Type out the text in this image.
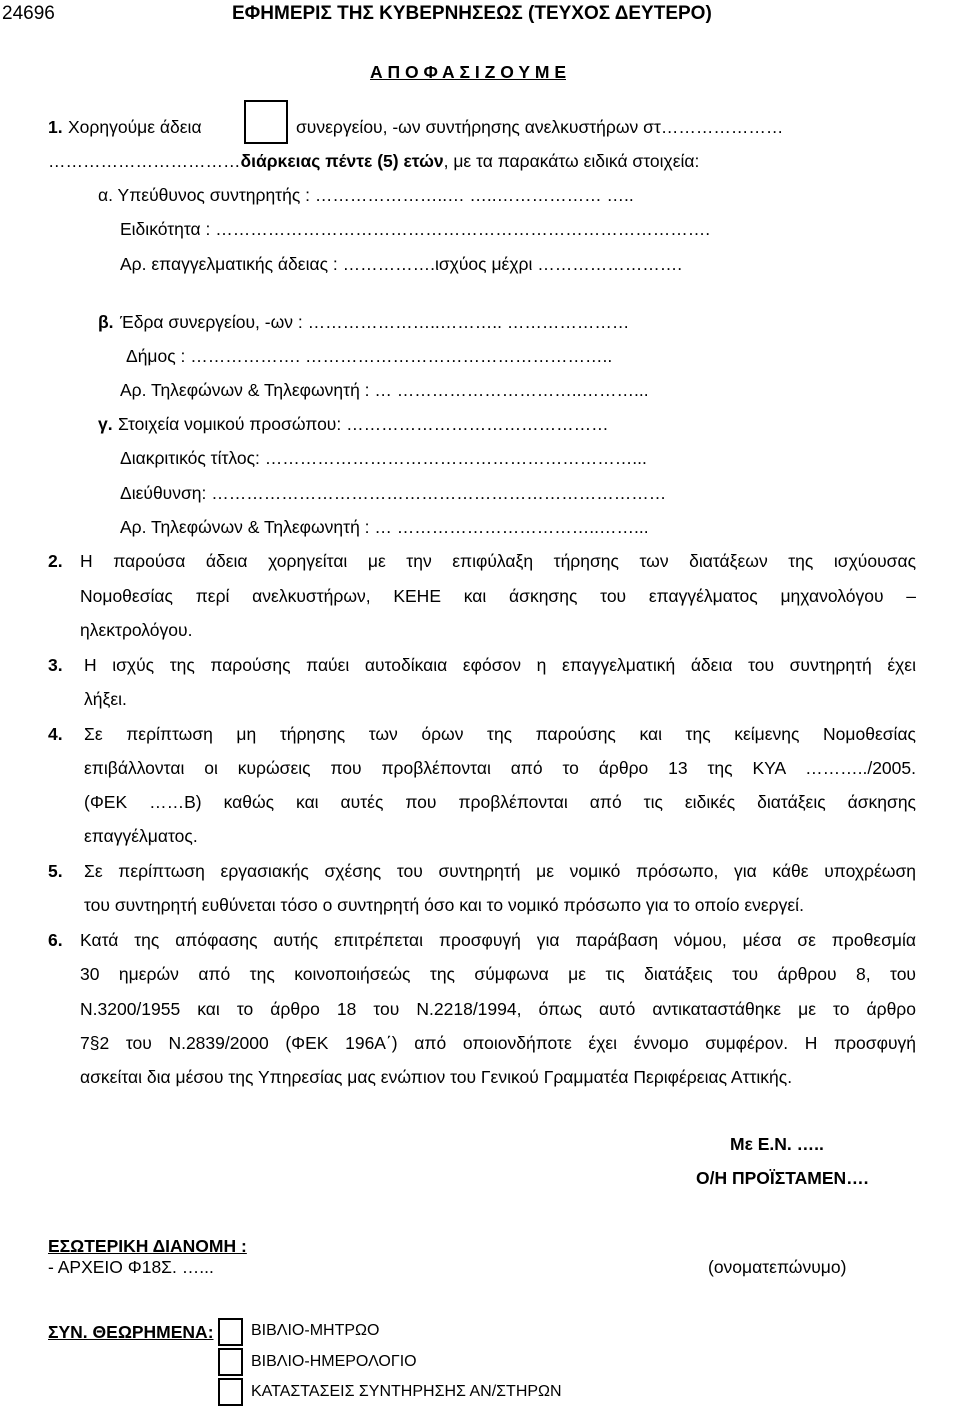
24696	ΕΦΗΜΕΡΙΣ ΤΗΣ ΚΥΒΕΡΝΗΣΕΩΣ (ΤΕΥΧΟΣ ΔΕΥΤΕΡΟ)
Α Π Ο Φ Α Σ Ι Ζ Ο Υ Μ Ε
1. Χορηγούμε άδεια	συνεργείου, -ων συντήρησης ανελκυστήρων στ…………………
……………………………διάρκειας πέντε (5) ετών, με τα παρακάτω ειδικά στοιχεία:
α. Υπεύθυνος συντηρητής : …………………..… …..……………… …..
Ειδικότητα : ………………………………………………………………………….
Αρ. επαγγελματικής άδειας : …………….ισχύος μέχρι …………………….
β. Έδρα συνεργείου, -ων : …………………..……….. …………………
Δήμος : ………………. ……………………………………………..
Αρ. Τηλεφώνων & Τηλεφωνητή : … …………………………..………...
γ. Στοιχεία νομικού προσώπου: ………………………………………
Διακριτικός τίτλος: ………………………………………………………...
Διεύθυνση: ……………………………………………………………………
Αρ. Τηλεφώνων & Τηλεφωνητή : … ……………………………..……...
2. Η παρούσα άδεια χορηγείται με την επιφύλαξη τήρησης των διατάξεων της ισχύουσας
Νομοθεσίας περί ανελκυστήρων, ΚΕΗΕ και άσκησης του επαγγέλματος μηχανολόγου –
ηλεκτρολόγου.
3. Η ισχύς της παρούσης παύει αυτοδίκαια εφόσον η επαγγελματική άδεια του συντηρητή έχει
λήξει.
4. Σε περίπτωση μη τήρησης των όρων της παρούσης και της κείμενης Νομοθεσίας
επιβάλλονται οι κυρώσεις που προβλέπονται από το άρθρο 13 της ΚΥΑ ………../2005.
(ΦΕΚ ……Β) καθώς και αυτές που προβλέπονται από τις ειδικές διατάξεις άσκησης
επαγγέλματος.
5. Σε περίπτωση εργασιακής σχέσης του συντηρητή με νομικό πρόσωπο, για κάθε υποχρέωση
του συντηρητή ευθύνεται τόσο ο συντηρητή όσο και το νομικό πρόσωπο για το οποίο ενεργεί.
6. Κατά της απόφασης αυτής επιτρέπεται προσφυγή για παράβαση νόμου, μέσα σε προθεσμία
30 ημερών από της κοινοποιήσεώς της σύμφωνα με τις διατάξεις του άρθρου 8, του
Ν.3200/1955 και το άρθρο 18 του Ν.2218/1994, όπως αυτό αντικαταστάθηκε με το άρθρο
7§2 του Ν.2839/2000 (ΦΕΚ 196Α΄) από οποιονδήποτε έχει έννομο συμφέρον. Η προσφυγή
ασκείται δια μέσου της Υπηρεσίας μας ενώπιον του Γενικού Γραμματέα Περιφέρειας Αττικής.
Με Ε.Ν. …..
Ο/Η ΠΡΟΪΣΤΑΜΕΝ….
ΕΣΩΤΕΡΙΚΗ ΔΙΑΝΟΜΗ :
- ΑΡΧΕΙΟ Φ18Σ. …...	(ονοματεπώνυμο)
ΣΥΝ. ΘΕΩΡΗΜΕΝΑ: ΒΙΒΛΙΟ-ΜΗΤΡΩΟ
ΒΙΒΛΙΟ-ΗΜΕΡΟΛΟΓΙΟ
ΚΑΤΑΣΤΑΣΕΙΣ ΣΥΝΤΗΡΗΣΗΣ ΑΝ/ΣΤΗΡΩΝ
